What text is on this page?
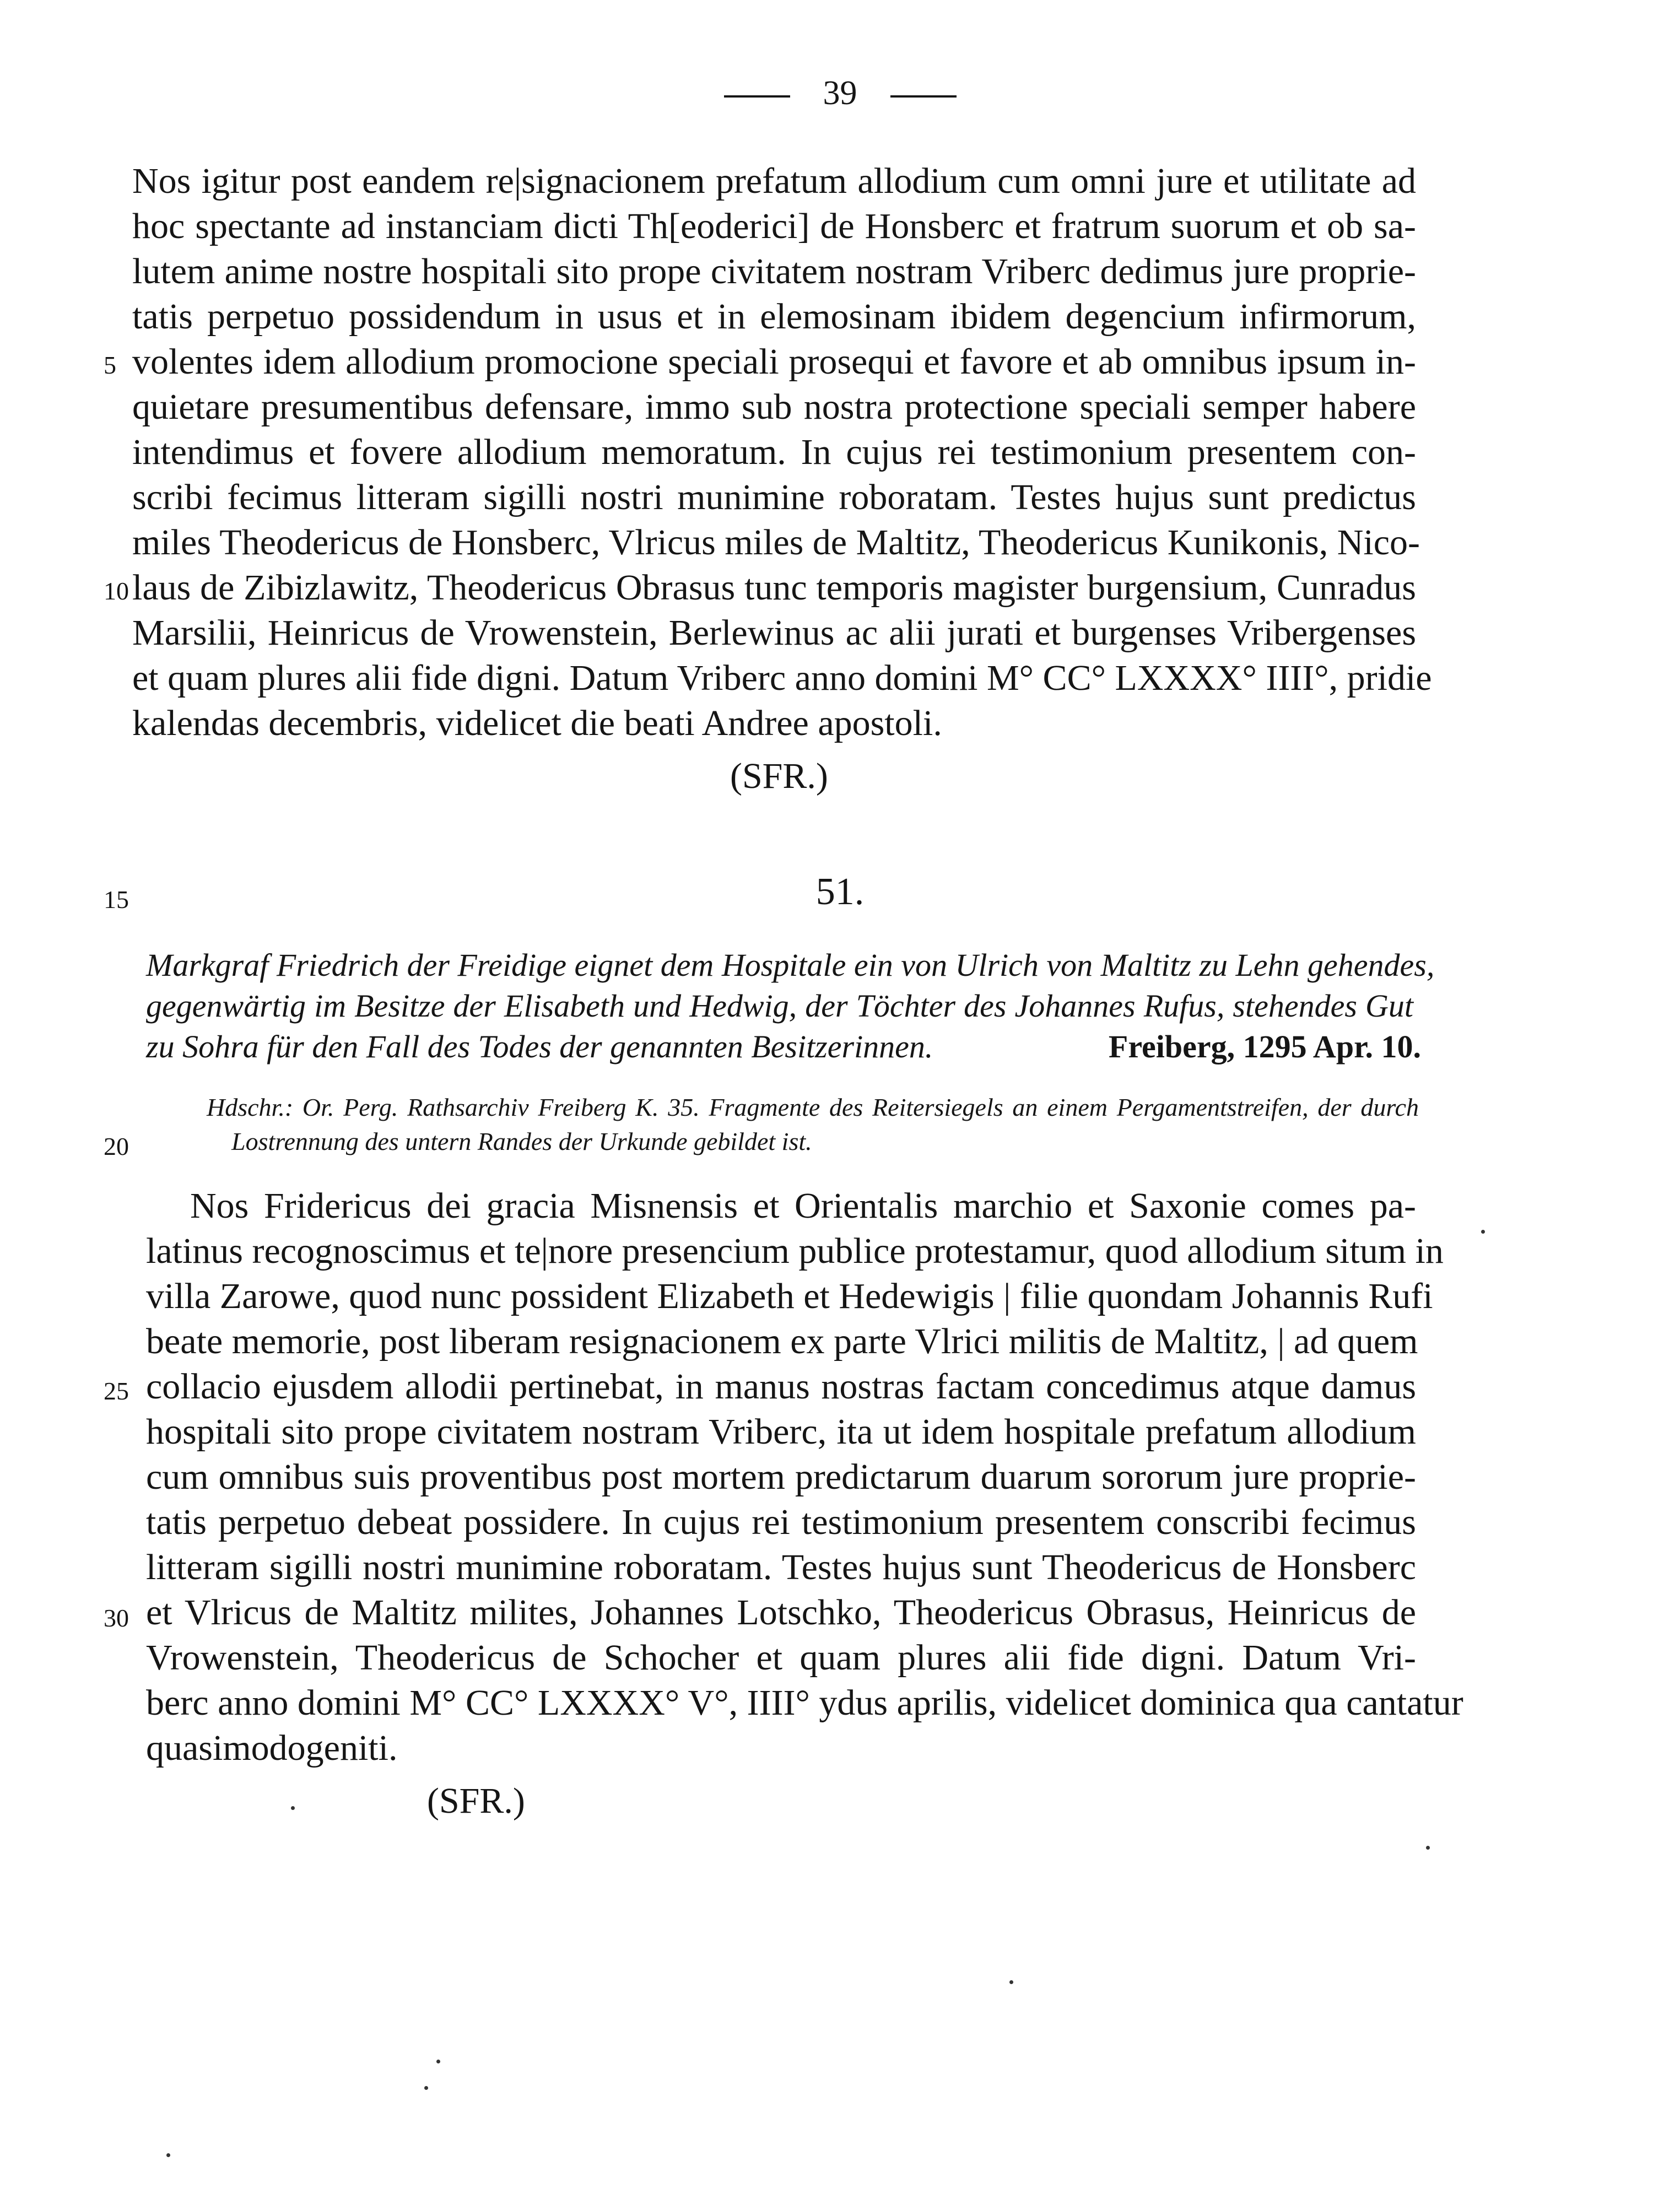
39
Nos igitur post eandem re|signacionem prefatum allodium cum omni jure et utilitate ad
hoc spectante ad instanciam dicti Th[eoderici] de Honsberc et fratrum suorum et ob sa-
lutem anime nostre hospitali sito prope civitatem nostram Vriberc dedimus jure proprie-
tatis perpetuo possidendum in usus et in elemosinam ibidem degencium infirmorum,
volentes idem allodium promocione speciali prosequi et favore et ab omnibus ipsum in-
quietare presumentibus defensare, immo sub nostra protectione speciali semper habere
intendimus et fovere allodium memoratum. In cujus rei testimonium presentem con-
scribi fecimus litteram sigilli nostri munimine roboratam. Testes hujus sunt predictus
miles Theodericus de Honsberc, Vlricus miles de Maltitz, Theodericus Kunikonis, Nico-
laus de Zibizlawitz, Theodericus Obrasus tunc temporis magister burgensium, Cunradus
Marsilii, Heinricus de Vrowenstein, Berlewinus ac alii jurati et burgenses Vribergenses
et quam plures alii fide digni. Datum Vriberc anno domini M° CC° LXXXX° IIII°, pridie
kalendas decembris, videlicet die beati Andree apostoli.
(SFR.)
5
10
15
20
25
30
51.
Markgraf Friedrich der Freidige eignet dem Hospitale ein von Ulrich von Maltitz zu Lehn gehendes,
gegenwärtig im Besitze der Elisabeth und Hedwig, der Töchter des Johannes Rufus, stehendes Gut
zu Sohra für den Fall des Todes der genannten Besitzerinnen.	Freiberg, 1295 Apr. 10.
Hdschr.: Or. Perg. Rathsarchiv Freiberg K. 35. Fragmente des Reitersiegels an einem Pergamentstreifen, der durch
Lostrennung des untern Randes der Urkunde gebildet ist.
Nos Fridericus dei gracia Misnensis et Orientalis marchio et Saxonie comes pa-
latinus recognoscimus et te|nore presencium publice protestamur, quod allodium situm in
villa Zarowe, quod nunc possident Elizabeth et Hedewigis | filie quondam Johannis Rufi
beate memorie, post liberam resignacionem ex parte Vlrici militis de Maltitz, | ad quem
collacio ejusdem allodii pertinebat, in manus nostras factam concedimus atque damus
hospitali sito prope civitatem nostram Vriberc, ita ut idem hospitale prefatum allodium
cum omnibus suis proventibus post mortem predictarum duarum sororum jure proprie-
tatis perpetuo debeat possidere. In cujus rei testimonium presentem conscribi fecimus
litteram sigilli nostri munimine roboratam. Testes hujus sunt Theodericus de Honsberc
et Vlricus de Maltitz milites, Johannes Lotschko, Theodericus Obrasus, Heinricus de
Vrowenstein, Theodericus de Schocher et quam plures alii fide digni. Datum Vri-
berc anno domini M° CC° LXXXX° V°, IIII° ydus aprilis, videlicet dominica qua cantatur
quasimodogeniti.
(SFR.)
